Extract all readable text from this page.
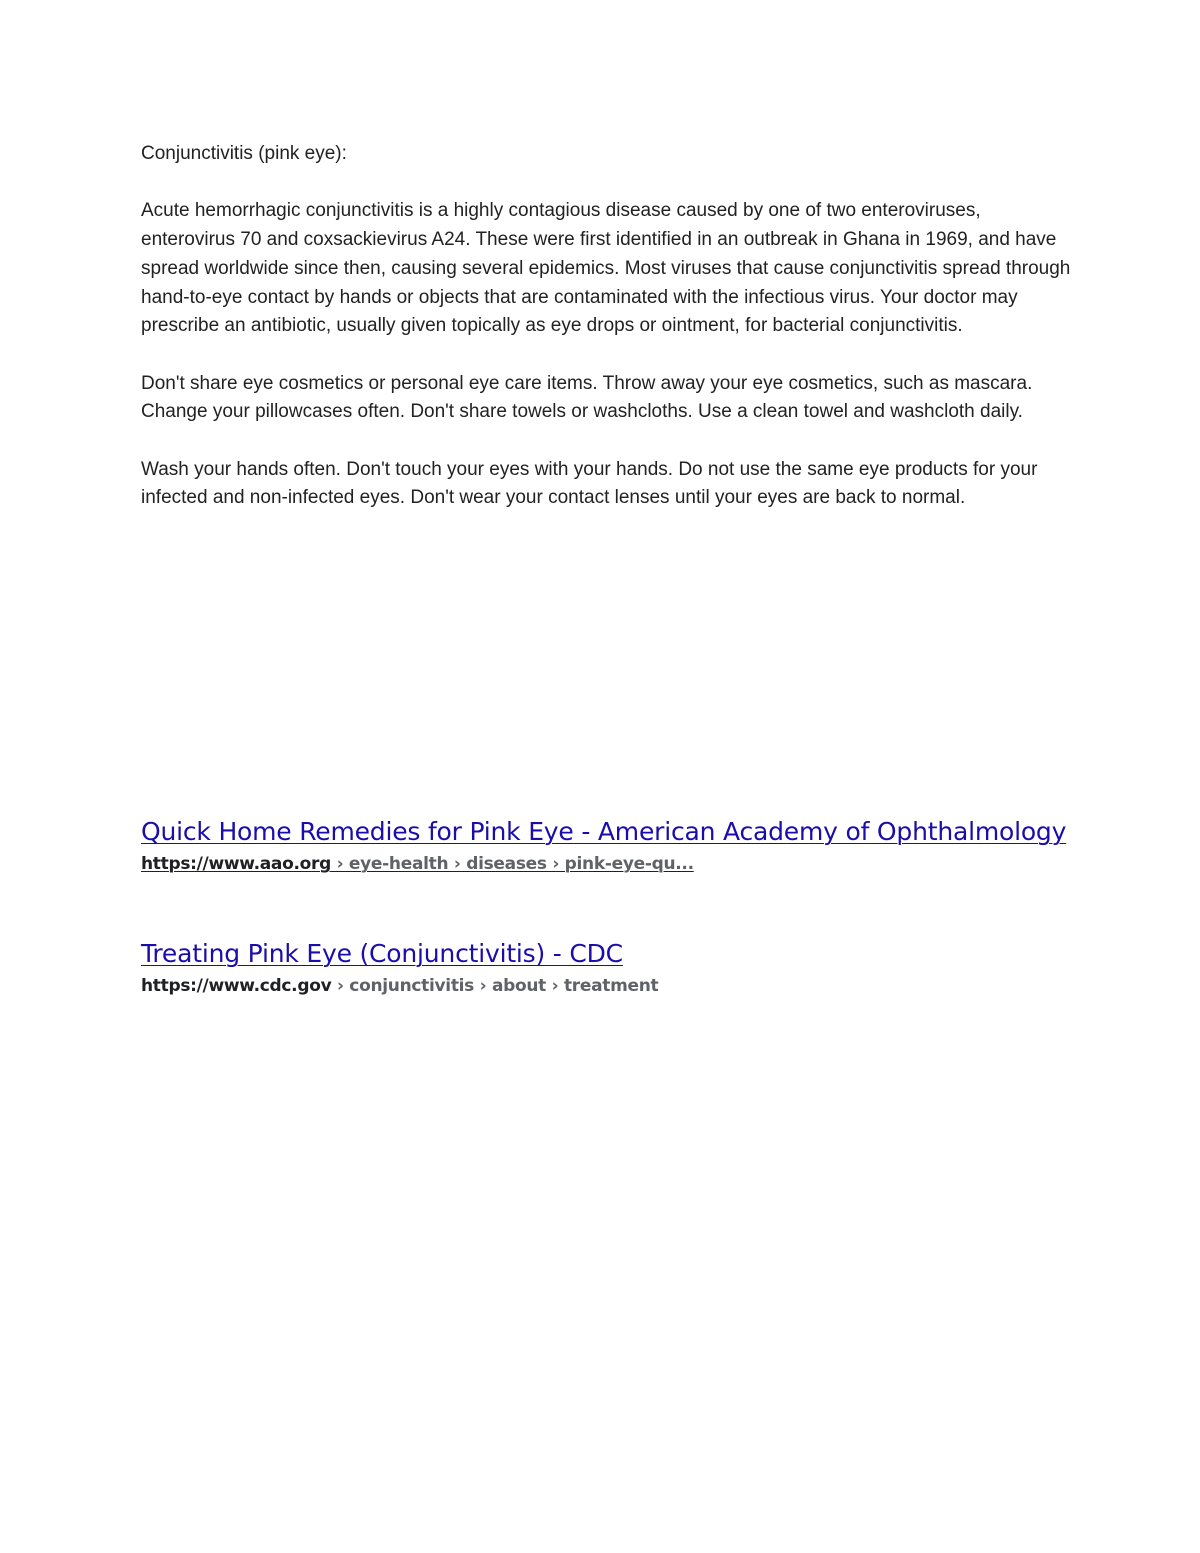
Conjunctivitis (pink eye):

Acute hemorrhagic conjunctivitis is a highly contagious disease caused by one of two enteroviruses, enterovirus 70 and coxsackievirus A24. These were first identified in an outbreak in Ghana in 1969, and have spread worldwide since then, causing several epidemics. Most viruses that cause conjunctivitis spread through hand-to-eye contact by hands or objects that are contaminated with the infectious virus. Your doctor may prescribe an antibiotic, usually given topically as eye drops or ointment, for bacterial conjunctivitis.

Don't share eye cosmetics or personal eye care items. Throw away your eye cosmetics, such as mascara. Change your pillowcases often. Don't share towels or washcloths. Use a clean towel and washcloth daily.

Wash your hands often. Don't touch your eyes with your hands. Do not use the same eye products for your infected and non-infected eyes. Don't wear your contact lenses until your eyes are back to normal.

Quick Home Remedies for Pink Eye - American Academy of Ophthalmology
https://www.aao.org › eye-health › diseases › pink-eye-qu...
Treating Pink Eye (Conjunctivitis) - CDC
https://www.cdc.gov › conjunctivitis › about › treatment
